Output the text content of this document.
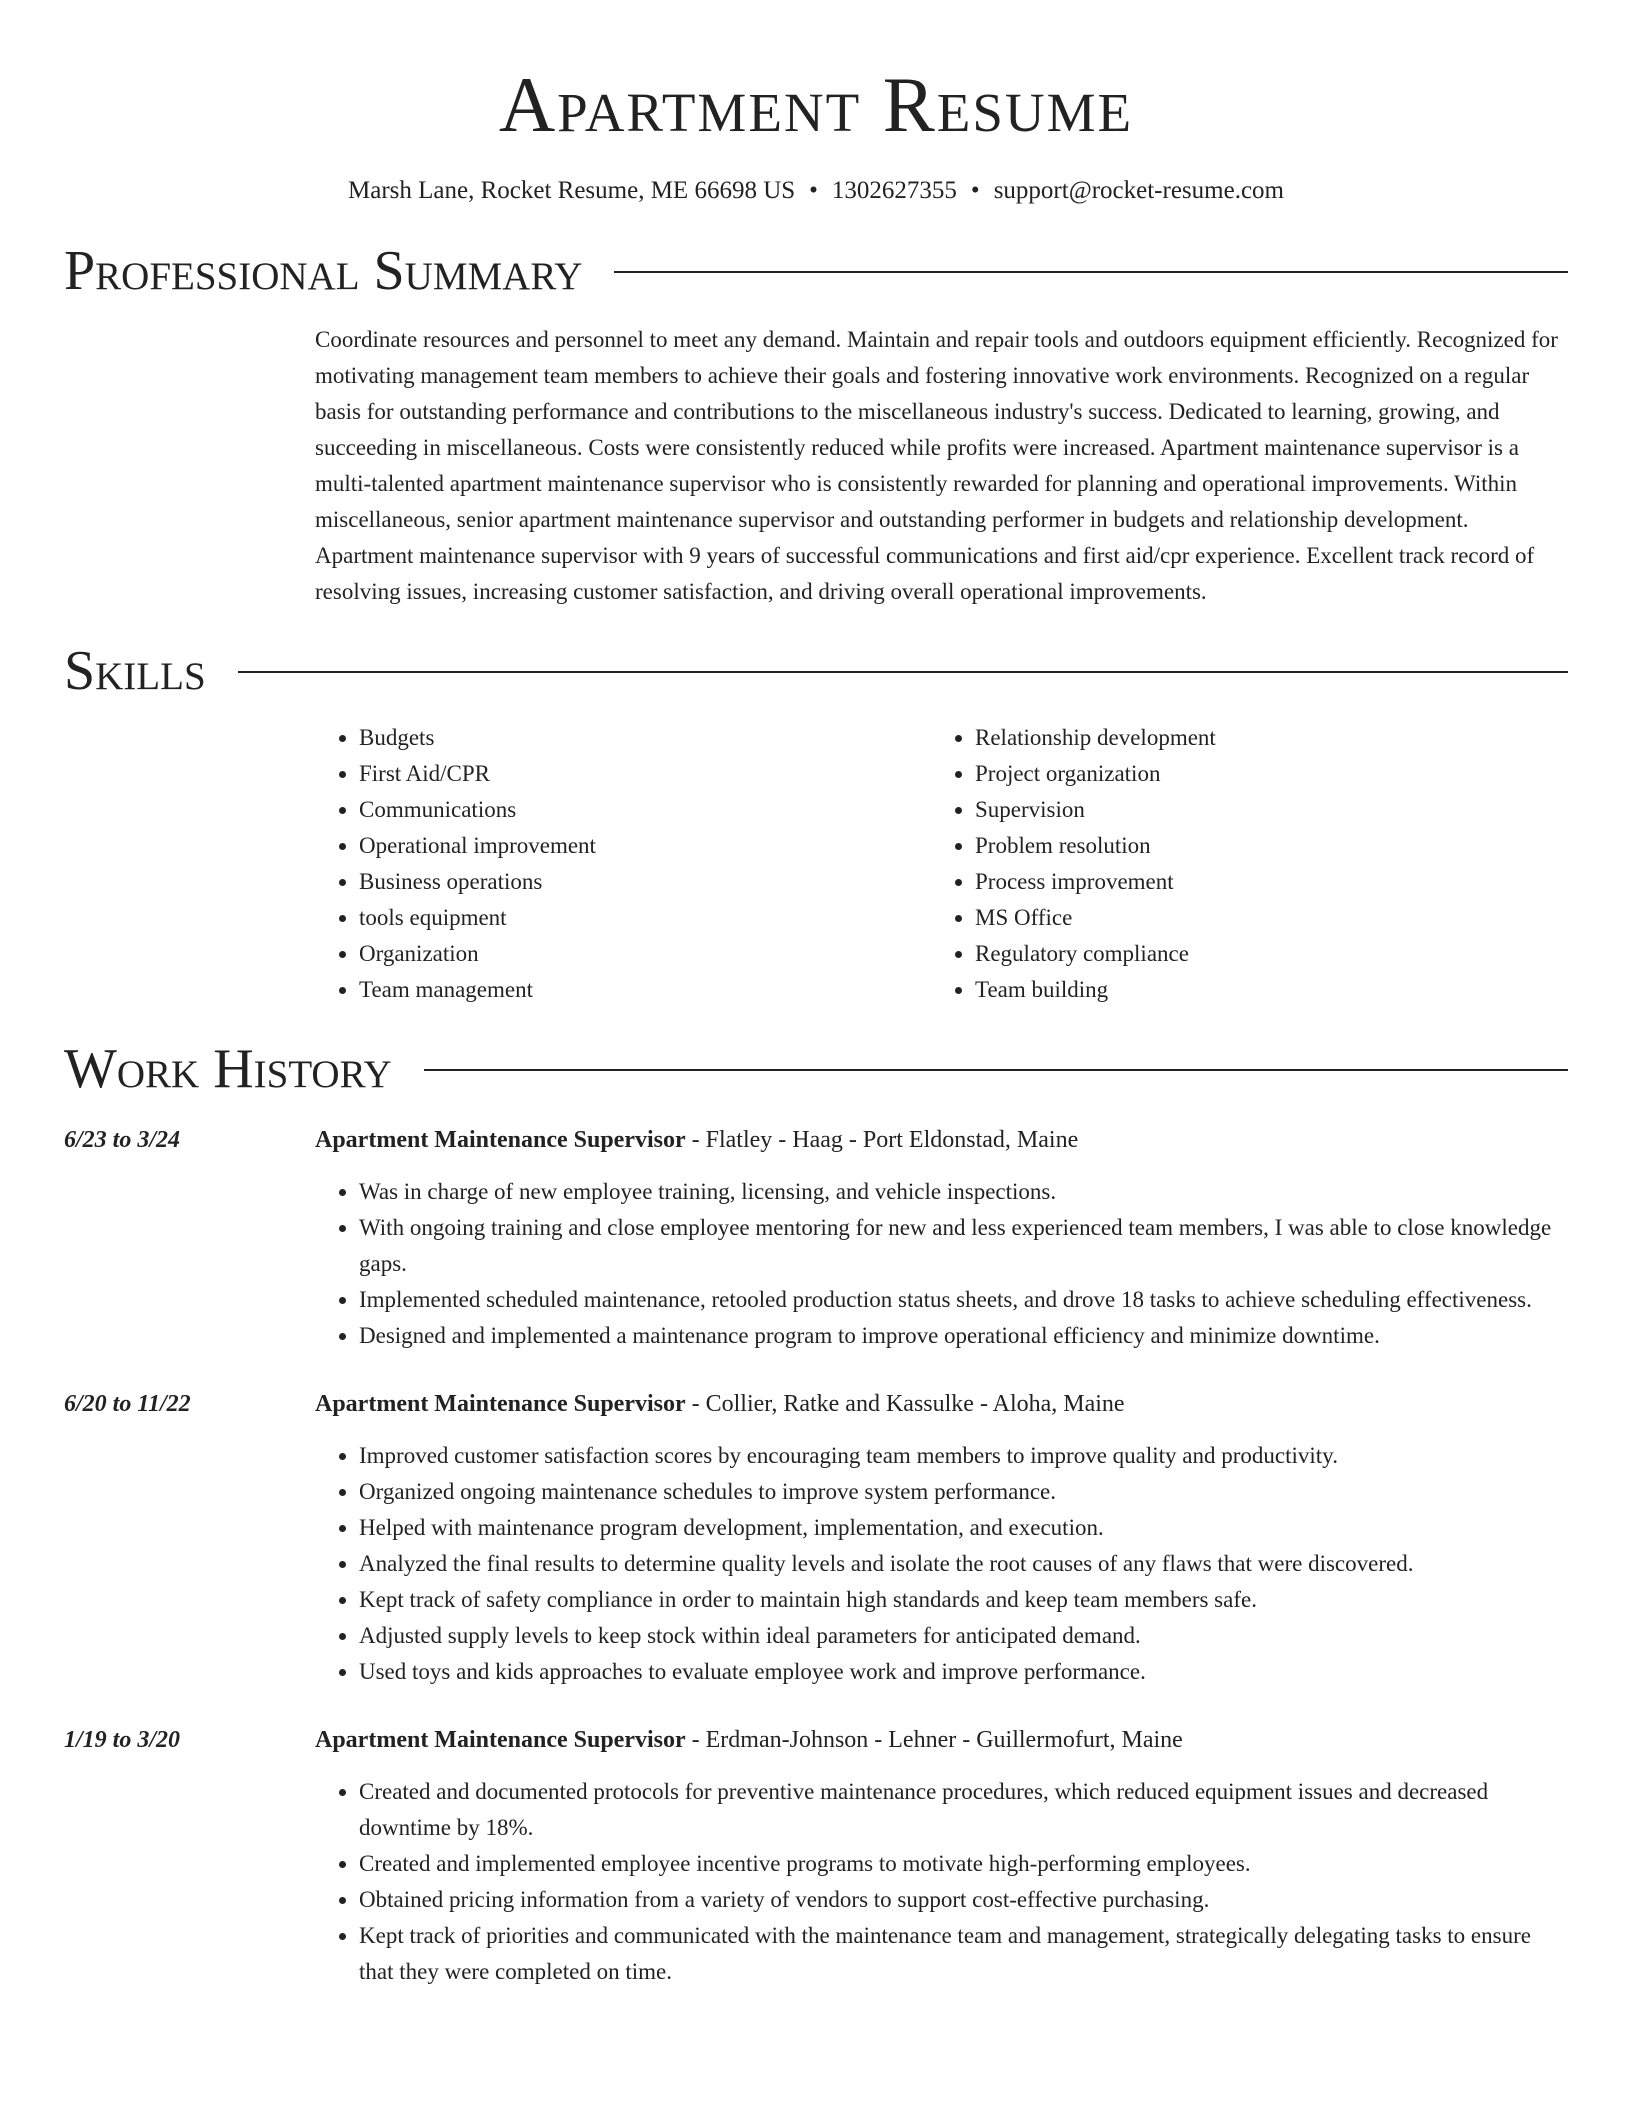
Apartment Resume
Marsh Lane, Rocket Resume, ME 66698 US • 1302627355 • support@rocket-resume.com
Professional Summary
Coordinate resources and personnel to meet any demand. Maintain and repair tools and outdoors equipment efficiently. Recognized for motivating management team members to achieve their goals and fostering innovative work environments. Recognized on a regular basis for outstanding performance and contributions to the miscellaneous industry's success. Dedicated to learning, growing, and succeeding in miscellaneous. Costs were consistently reduced while profits were increased. Apartment maintenance supervisor is a multi-talented apartment maintenance supervisor who is consistently rewarded for planning and operational improvements. Within miscellaneous, senior apartment maintenance supervisor and outstanding performer in budgets and relationship development. Apartment maintenance supervisor with 9 years of successful communications and first aid/cpr experience. Excellent track record of resolving issues, increasing customer satisfaction, and driving overall operational improvements.
Skills
• Budgets
• First Aid/CPR
• Communications
• Operational improvement
• Business operations
• tools equipment
• Organization
• Team management
• Relationship development
• Project organization
• Supervision
• Problem resolution
• Process improvement
• MS Office
• Regulatory compliance
• Team building
Work History
6/23 to 3/24	Apartment Maintenance Supervisor - Flatley - Haag - Port Eldonstad, Maine
• Was in charge of new employee training, licensing, and vehicle inspections.
• With ongoing training and close employee mentoring for new and less experienced team members, I was able to close knowledge gaps.
• Implemented scheduled maintenance, retooled production status sheets, and drove 18 tasks to achieve scheduling effectiveness.
• Designed and implemented a maintenance program to improve operational efficiency and minimize downtime.
6/20 to 11/22	Apartment Maintenance Supervisor - Collier, Ratke and Kassulke - Aloha, Maine
• Improved customer satisfaction scores by encouraging team members to improve quality and productivity.
• Organized ongoing maintenance schedules to improve system performance.
• Helped with maintenance program development, implementation, and execution.
• Analyzed the final results to determine quality levels and isolate the root causes of any flaws that were discovered.
• Kept track of safety compliance in order to maintain high standards and keep team members safe.
• Adjusted supply levels to keep stock within ideal parameters for anticipated demand.
• Used toys and kids approaches to evaluate employee work and improve performance.
1/19 to 3/20	Apartment Maintenance Supervisor - Erdman-Johnson - Lehner - Guillermofurt, Maine
• Created and documented protocols for preventive maintenance procedures, which reduced equipment issues and decreased downtime by 18%.
• Created and implemented employee incentive programs to motivate high-performing employees.
• Obtained pricing information from a variety of vendors to support cost-effective purchasing.
• Kept track of priorities and communicated with the maintenance team and management, strategically delegating tasks to ensure that they were completed on time.
